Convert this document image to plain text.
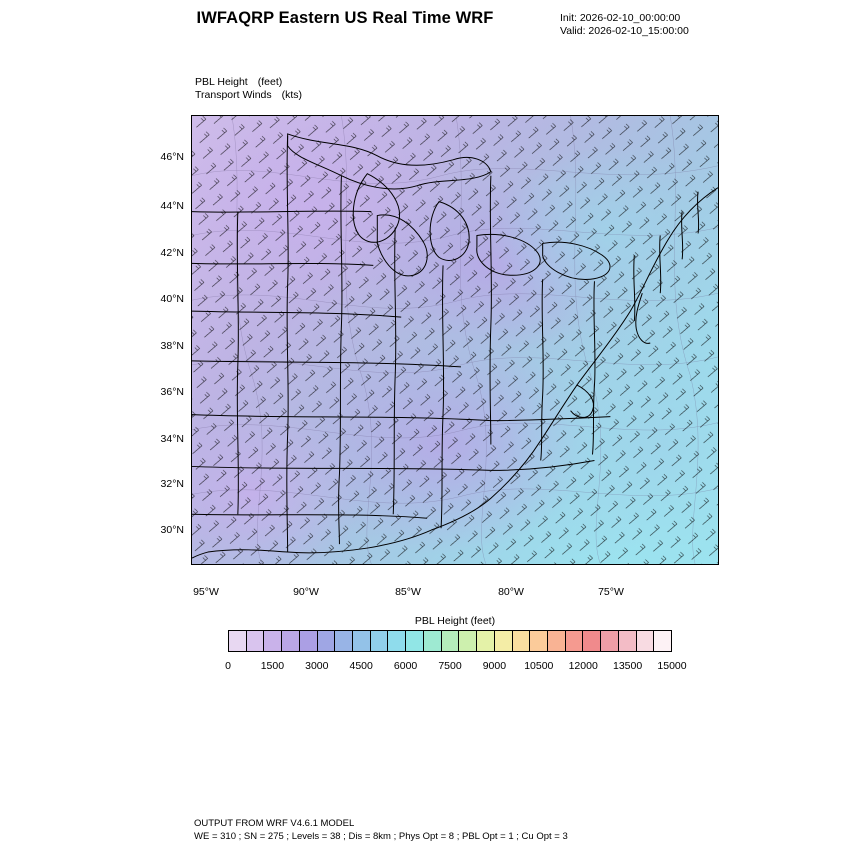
IWFAQRP Eastern US Real Time WRF	Init: 2026-02-10_00:00:00
Valid: 2026-02-10_15:00:00
PBL Height (feet)
Transport Winds (kts)
46°N
44°N
42°N
40°N
38°N
36°N
34°N
32°N
30°N
95°W	90°W	85°W	80°W	75°W
PBL Height (feet)
0	1500 3000 4500 6000 7500 9000 10500 12000 13500 15000
OUTPUT FROM WRF V4.6.1 MODEL
WE = 310 ; SN = 275 ; Levels = 38 ; Dis = 8km ; Phys Opt = 8 ; PBL Opt = 1 ; Cu Opt = 3
